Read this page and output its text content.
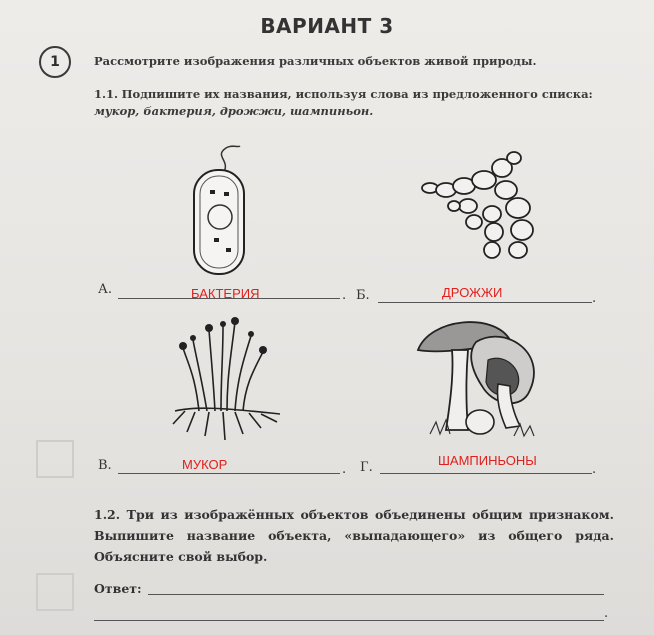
ВАРИАНТ 3
1	Рассмотрите изображения различных объектов живой природы.
1.1. Подпишите их названия, используя слова из предложенного списка: мукор, бактерия, дрожжи, шампиньон.
А.	БАКТЕРИЯ	. Б.	ДРОЖЖИ	.
В.	МУКОР	. Г.	ШАМПИНЬОНЫ
.
1.2. Три из изображённых объектов объединены общим признаком. Выпишите название объекта, «выпадающего» из общего ряда. Объясните свой выбор.
Ответ:
.
